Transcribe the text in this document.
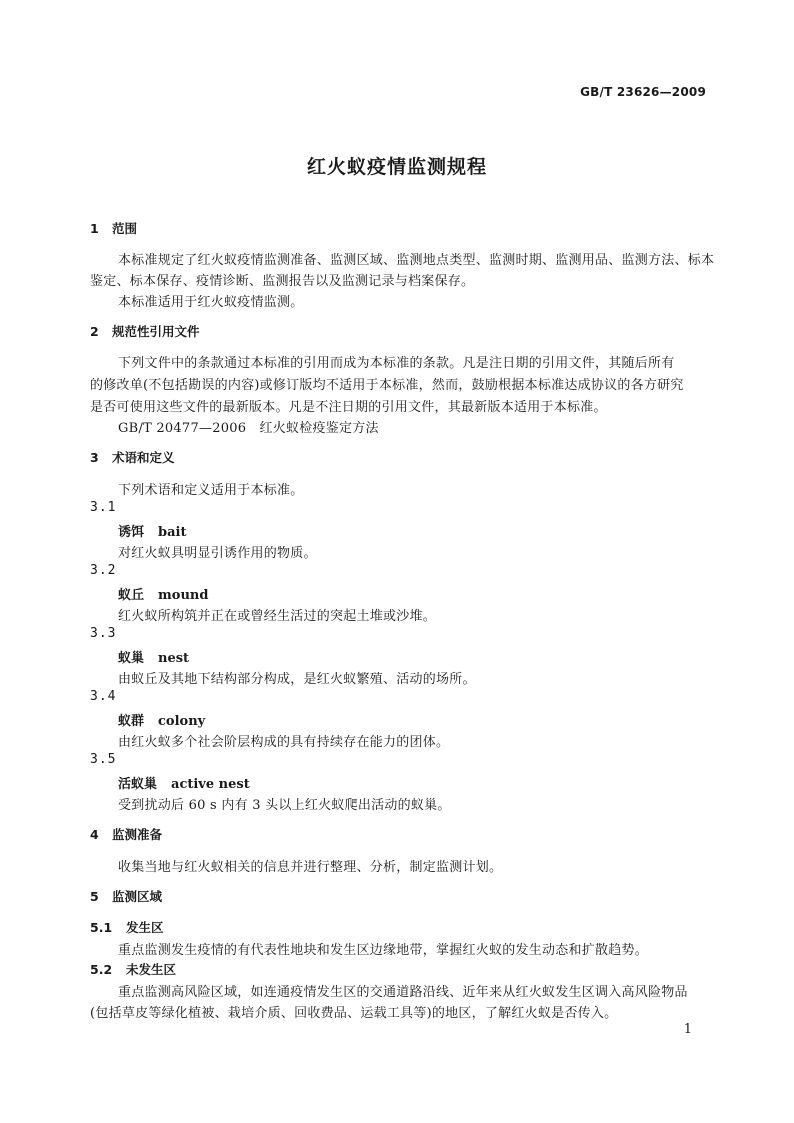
GB/T 23626—2009
红火蚁疫情监测规程
1 范围
本标准规定了红火蚁疫情监测准备、监测区域、监测地点类型、监测时期、监测用品、监测方法、标本
鉴定、标本保存、疫情诊断、监测报告以及监测记录与档案保存。
本标准适用于红火蚁疫情监测。
2 规范性引用文件
下列文件中的条款通过本标准的引用而成为本标准的条款。凡是注日期的引用文件，其随后所有
的修改单(不包括勘误的内容)或修订版均不适用于本标准，然而，鼓励根据本标准达成协议的各方研究
是否可使用这些文件的最新版本。凡是不注日期的引用文件，其最新版本适用于本标准。
GB/T 20477—2006　红火蚁检疫鉴定方法
3 术语和定义
下列术语和定义适用于本标准。
3.1
诱饵 bait
对红火蚁具明显引诱作用的物质。
3.2
蚁丘 mound
红火蚁所构筑并正在或曾经生活过的突起土堆或沙堆。
3.3
蚁巢 nest
由蚁丘及其地下结构部分构成，是红火蚁繁殖、活动的场所。
3.4
蚁群 colony
由红火蚁多个社会阶层构成的具有持续存在能力的团体。
3.5
活蚁巢 active nest
受到扰动后 60 s 内有 3 头以上红火蚁爬出活动的蚁巢。
4 监测准备
收集当地与红火蚁相关的信息并进行整理、分析，制定监测计划。
5 监测区域
5.1 发生区
重点监测发生疫情的有代表性地块和发生区边缘地带，掌握红火蚁的发生动态和扩散趋势。
5.2 未发生区
重点监测高风险区域，如连通疫情发生区的交通道路沿线、近年来从红火蚁发生区调入高风险物品
(包括草皮等绿化植被、栽培介质、回收费品、运载工具等)的地区，了解红火蚁是否传入。
1
